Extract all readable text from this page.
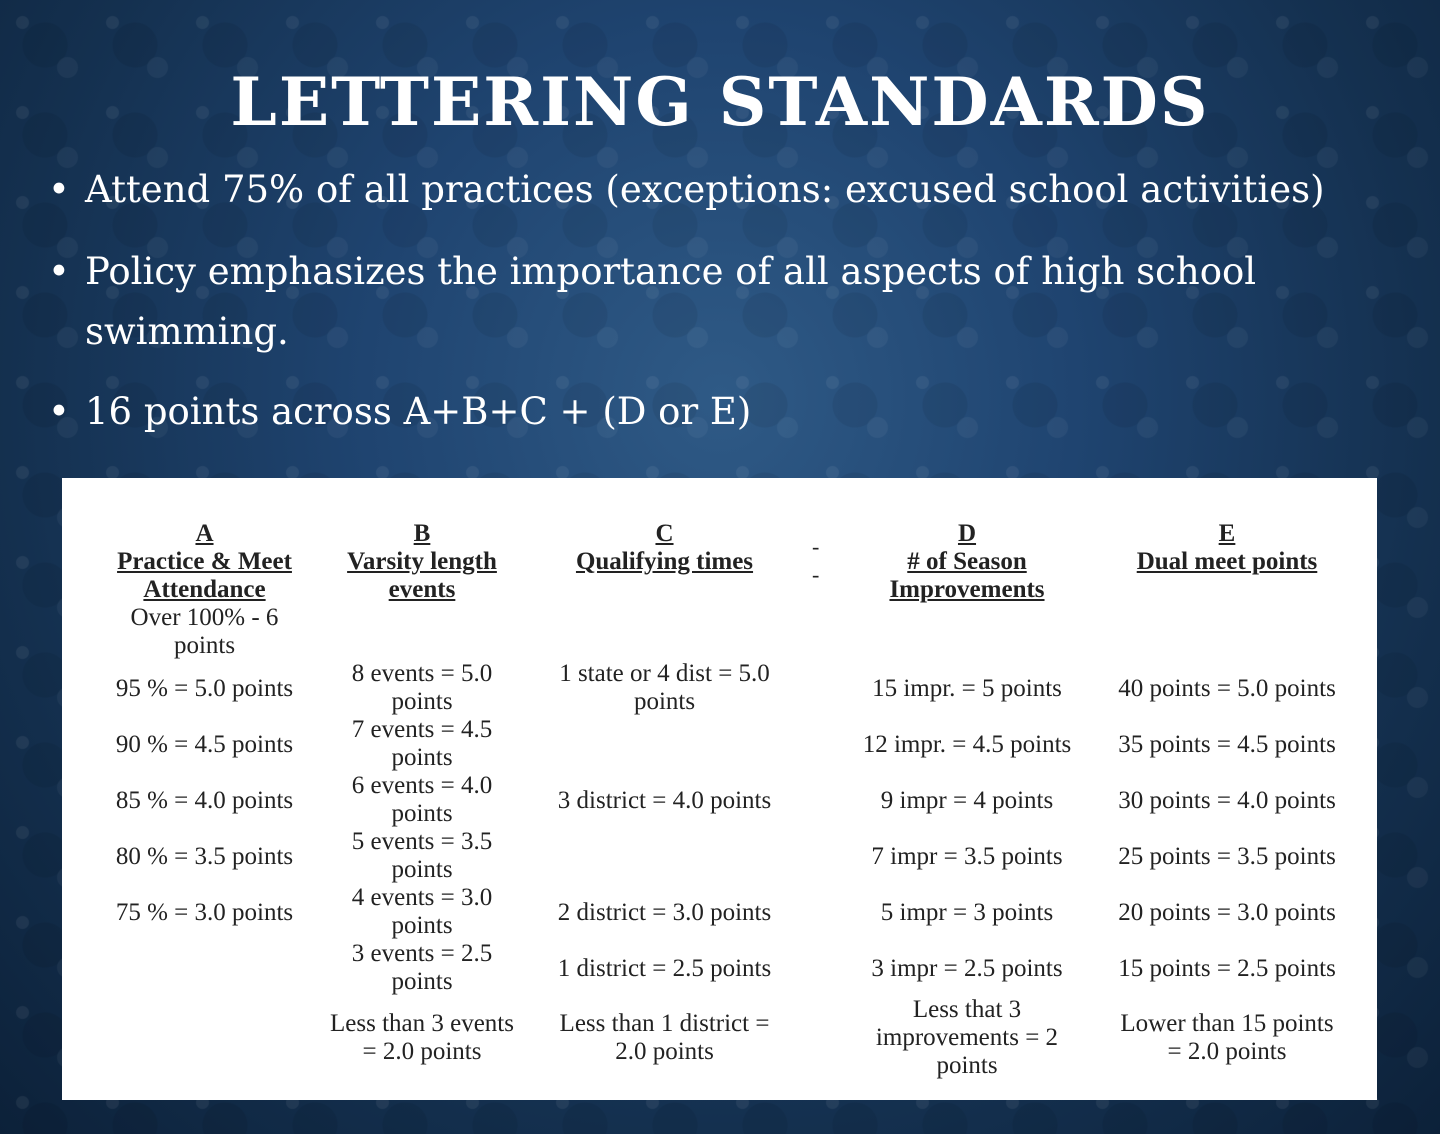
LETTERING STANDARDS
• Attend 75% of all practices (exceptions: excused school activities)
• Policy emphasizes the importance of all aspects of high school
swimming.
• 16 points across A+B+C + (D or E)
A
Practice & Meet
Attendance
Over 100% - 6
points
95 % = 5.0 points
90 % = 4.5 points
85 % = 4.0 points
80 % = 3.5 points
75 % = 3.0 points
B
Varsity length
events
8 events = 5.0
points
7 events = 4.5
points
6 events = 4.0
points
5 events = 3.5
points
4 events = 3.0
points
3 events = 2.5
points
Less than 3 events
= 2.0 points
C
Qualifying times
1 state or 4 dist = 5.0
points
3 district = 4.0 points
2 district = 3.0 points
1 district = 2.5 points
Less than 1 district =
2.0 points
-
-
D
# of Season
Improvements
15 impr. = 5 points
12 impr. = 4.5 points
9 impr = 4 points
7 impr = 3.5 points
5 impr = 3 points
3 impr = 2.5 points
Less that 3
improvements = 2
points
E
Dual meet points
40 points = 5.0 points
35 points = 4.5 points
30 points = 4.0 points
25 points = 3.5 points
20 points = 3.0 points
15 points = 2.5 points
Lower than 15 points
= 2.0 points
